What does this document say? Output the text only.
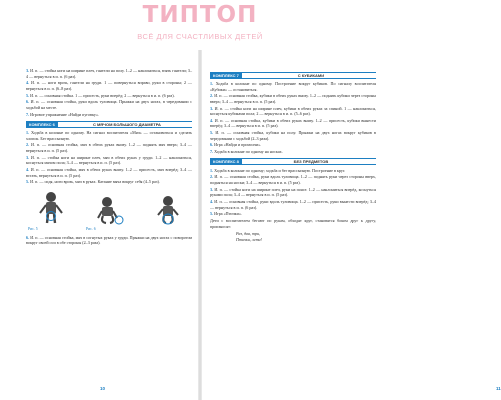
ТИПТОП
ВСЁ ДЛЯ СЧАСТЛИВЫХ ДЕТЕЙ

3. И. п. — стойка ноги на ширине плеч, гантели на полу. 1–2 — наклониться, взять гантели; 3–4 — вернуться в и. п. (6 раз).

4. И. п. — ноги врозь, гантели на груди. 1 — повернуться вправо, руки в стороны; 2 — вернуться в и. п. (6–8 раз).

5. И. п. — основная стойка. 1 — присесть, руки вперёд; 2 — вернуться в и. п. (6 раз).

6. И. п. — основная стойка, руки вдоль туловища. Прыжки на двух ногах, в чередовании с ходьбой на месте.

7. Игровое упражнение «Найди пуговку».

КОМПЛЕКС 6	С МЯЧОМ БОЛЬШОГО ДИАМЕТРА

1. Ходьба в колонне по одному. На сигнал воспитателя «Мяч» — остановиться и сделать хлопок. Бег врассыпную.

2. И. п. — основная стойка, мяч в обеих руках внизу. 1–2 — поднять мяч вверх; 3–4 — вернуться в и. п. (5 раз).

3. И. п. — стойка ноги на ширине плеч, мяч в обеих руках у груди. 1–2 — наклониться, коснуться мячом пола; 3–4 — вернуться в и. п. (5 раз).

4. И. п. — основная стойка, мяч в обеих руках внизу. 1–2 — присесть, мяч вперёд; 3–4 — встать, вернуться в и. п. (5 раз).

5. И. п. — сидя, ноги врозь, мяч в руках. Катание мяча вокруг себя (4–5 раз).

Рис. 5	Рис. 6

6. И. п. — основная стойка, мяч в согнутых руках у груди. Прыжки на двух ногах с поворотом вокруг своей оси в обе стороны (2–3 раза).

10
КОМПЛЕКС 7	С КУБИКАМИ

1. Ходьба в колонне по одному. Построение вокруг кубиков. По сигналу воспитателя «Кубики» — остановиться.

2. И. п. — основная стойка, кубики в обеих руках внизу. 1–2 — поднять кубики через стороны вверх; 3–4 — вернуться в и. п. (5 раз).

3. И. п. — стойка ноги на ширине плеч, кубики в обеих руках за спиной. 1 — наклониться, коснуться кубиками пола; 2 — вернуться в и. п. (5–6 раз).

4. И. п. — основная стойка, кубики в обеих руках внизу. 1–2 — присесть, кубики вынести вперёд; 3–4 — вернуться в и. п. (5 раз).

5. И. п. — основная стойка, кубики на полу. Прыжки на двух ногах вокруг кубиков в чередовании с ходьбой (2–3 раза).

6. Игра «Найди и промолчи».

7. Ходьба в колонне по одному на носках.

КОМПЛЕКС 8	БЕЗ ПРЕДМЕТОВ

1. Ходьба в колонне по одному; ходьба и бег врассыпную. Построение в круг.

2. И. п. — основная стойка, руки вдоль туловища. 1–2 — поднять руки через стороны вверх, подняться на носки; 3–4 — вернуться в и. п. (5 раз).

3. И. п. — стойка ноги на ширине плеч, руки на поясе. 1–2 — наклониться вперёд, коснуться руками пола; 3–4 — вернуться в и. п. (5 раз).

4. И. п. — основная стойка, руки вдоль туловища. 1–2 — присесть, руки вынести вперёд; 3–4 — вернуться в и. п. (6 раз).

5. Игра «Птички».

Дети с воспитателем бегают по рукам, обходят круг, становятся боком друг к другу, произносят:

Раз, два, три,
Птички, лети!
11
